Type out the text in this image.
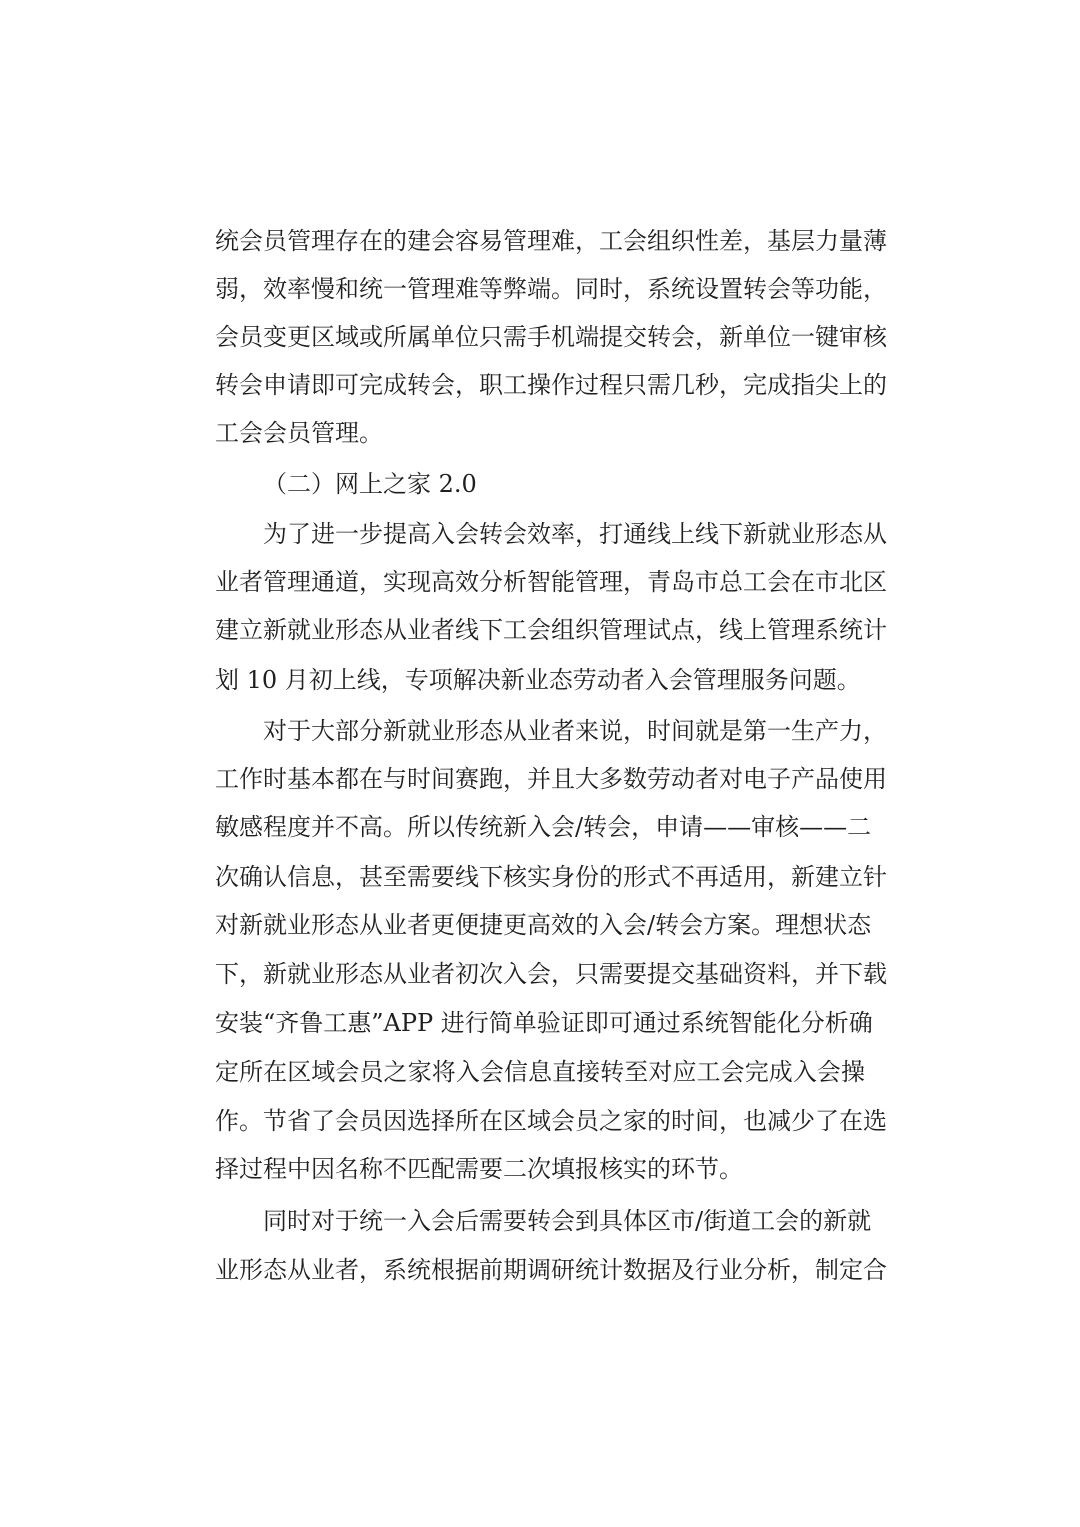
统会员管理存在的建会容易管理难，工会组织性差，基层力量薄
弱，效率慢和统一管理难等弊端。同时，系统设置转会等功能，
会员变更区域或所属单位只需手机端提交转会，新单位一键审核
转会申请即可完成转会，职工操作过程只需几秒，完成指尖上的
工会会员管理。
（二）网上之家 2.0
为了进一步提高入会转会效率，打通线上线下新就业形态从
业者管理通道，实现高效分析智能管理，青岛市总工会在市北区
建立新就业形态从业者线下工会组织管理试点，线上管理系统计
划 10 月初上线，专项解决新业态劳动者入会管理服务问题。
对于大部分新就业形态从业者来说，时间就是第一生产力，
工作时基本都在与时间赛跑，并且大多数劳动者对电子产品使用
敏感程度并不高。所以传统新入会/转会，申请——审核——二
次确认信息，甚至需要线下核实身份的形式不再适用，新建立针
对新就业形态从业者更便捷更高效的入会/转会方案。理想状态
下，新就业形态从业者初次入会，只需要提交基础资料，并下载
安装“齐鲁工惠”APP 进行简单验证即可通过系统智能化分析确
定所在区域会员之家将入会信息直接转至对应工会完成入会操
作。节省了会员因选择所在区域会员之家的时间，也减少了在选
择过程中因名称不匹配需要二次填报核实的环节。
同时对于统一入会后需要转会到具体区市/街道工会的新就
业形态从业者，系统根据前期调研统计数据及行业分析，制定合
